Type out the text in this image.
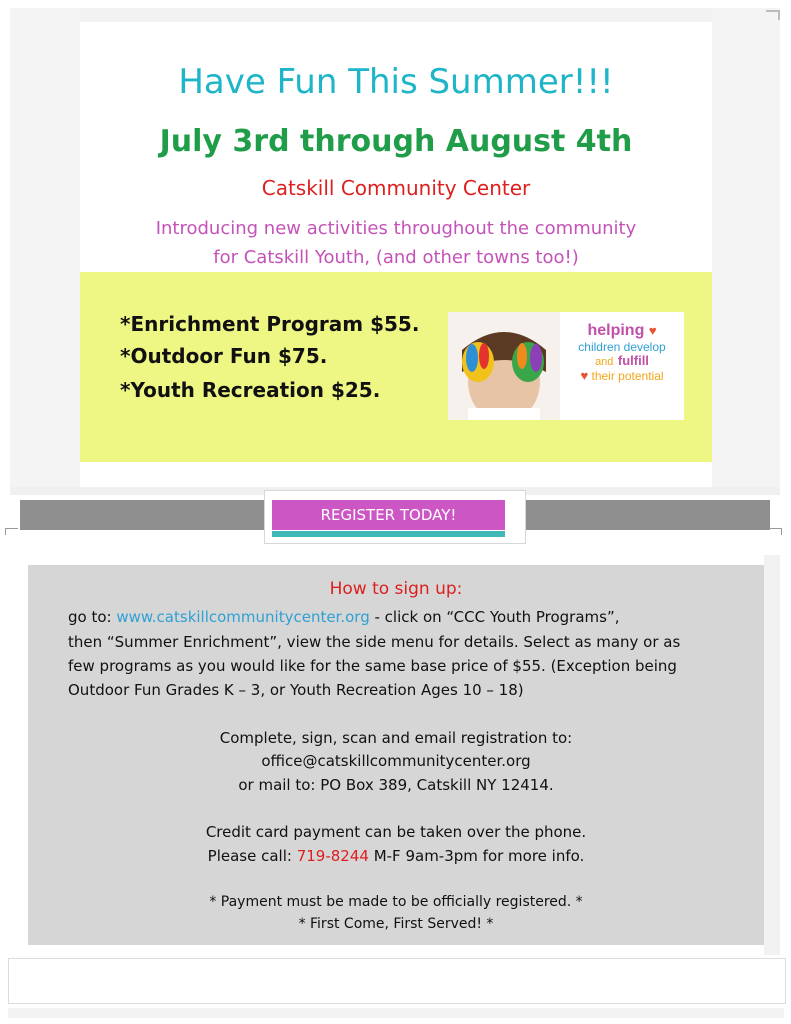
Have Fun This Summer!!!
July 3rd through August 4th
Catskill Community Center
Introducing new activities throughout the community
for Catskill Youth, (and other towns too!)
*Enrichment Program $55.
*Outdoor Fun $75.
*Youth Recreation $25.
helping ♥
children develop
and fulfill
♥ their potential
REGISTER TODAY!
How to sign up:
go to: www.catskillcommunitycenter.org - click on “CCC Youth Programs”,
then “Summer Enrichment”, view the side menu for details. Select as many or as
few programs as you would like for the same base price of $55. (Exception being
Outdoor Fun Grades K – 3, or Youth Recreation Ages 10 – 18)
Complete, sign, scan and email registration to:
office@catskillcommunitycenter.org
or mail to: PO Box 389, Catskill NY 12414.
Credit card payment can be taken over the phone.
Please call: 719-8244 M-F 9am-3pm for more info.
* Payment must be made to be officially registered. *
* First Come, First Served! *
